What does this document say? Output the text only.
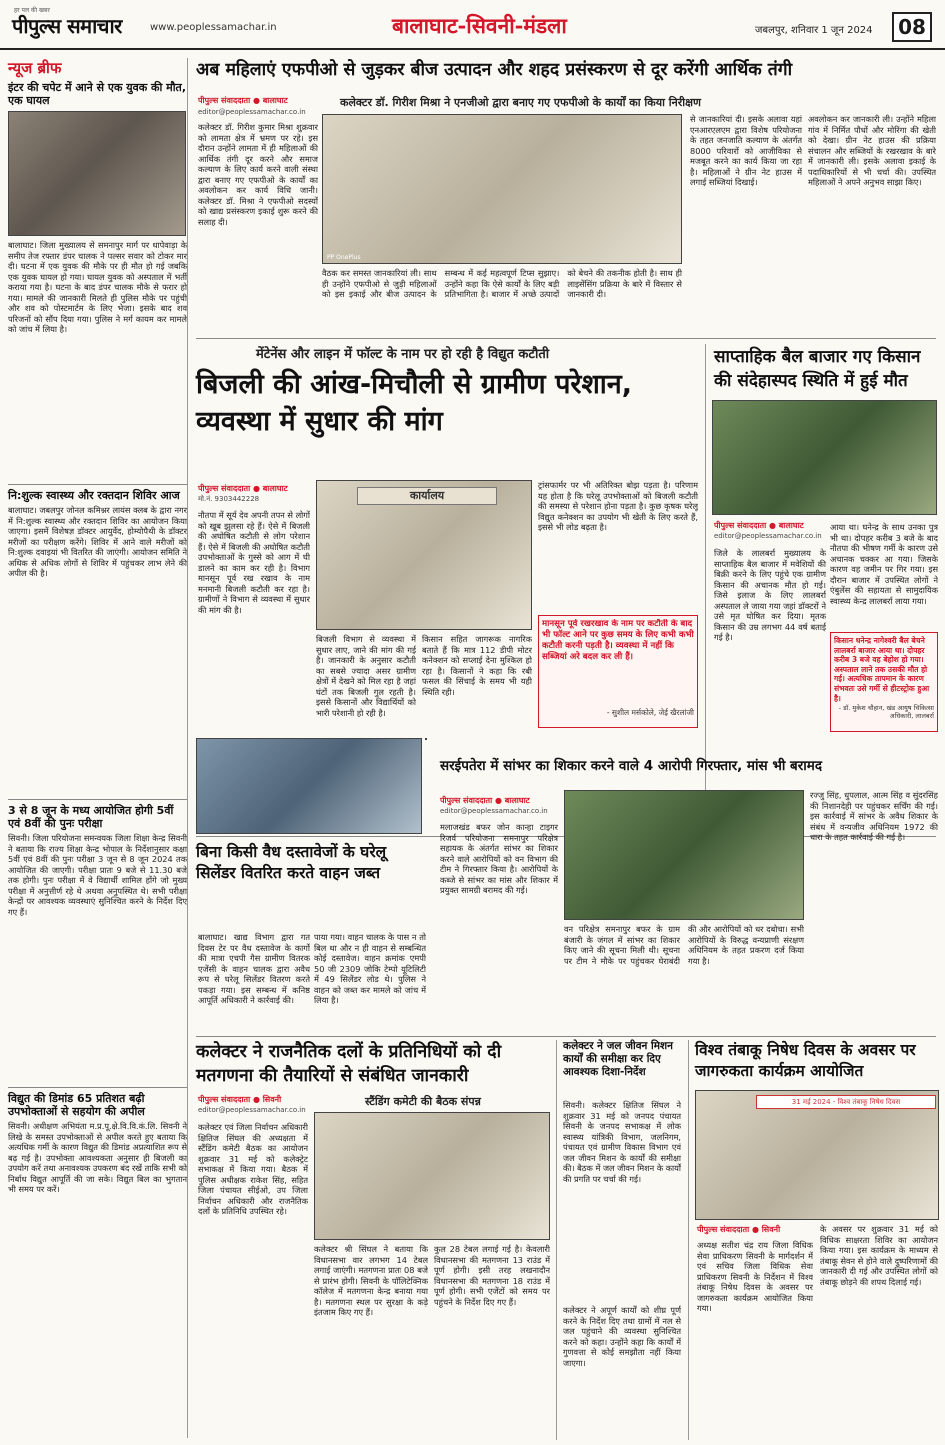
हर पल की खबर
पीपुल्स समाचार	www.peoplessamachar.in	बालाघाट-सिवनी-मंडला	जबलपुर, शनिवार 1 जून 2024	08
न्यूज ब्रीफ
इंटर की चपेट में आने से एक युवक की मौत, एक घायल
बालाघाट। जिला मुख्यालय से समनापुर मार्ग पर धापेवाड़ा के समीप तेज रफ्तार डंपर चालक ने पल्सर सवार को टोकर मार दी। घटना में एक युवक की मौके पर ही मौत हो गई जबकि एक युवक घायल हो गया। घायल युवक को अस्पताल में भर्ती कराया गया है। घटना के बाद डंपर चालक मौके से फरार हो गया। मामले की जानकारी मिलते ही पुलिस मौके पर पहुंची और शव को पोस्टमार्टम के लिए भेजा। इसके बाद शव परिजनों को सौंप दिया गया। पुलिस ने मर्ग कायम कर मामले को जांच में लिया है।
नि:शुल्क स्वास्थ्य और रक्तदान शिविर आज
बालाघाट। जबलपुर जोनल कमिश्नर लायंस क्लब के द्वारा नगर में नि:शुल्क स्वास्थ्य और रक्तदान शिविर का आयोजन किया जाएगा। इसमें विशेषज्ञ डॉक्टर आयुर्वेद, होम्योपैथी के डॉक्टर मरीजों का परीक्षण करेंगे। शिविर में आने वाले मरीजों को नि:शुल्क दवाइयां भी वितरित की जाएंगी। आयोजन समिति ने अधिक से अधिक लोगों से शिविर में पहुंचकर लाभ लेने की अपील की है।
3 से 8 जून के मध्य आयोजित होगी 5वीं एवं 8वीं की पुनः परीक्षा
सिवनी। जिला परियोजना समन्वयक जिला शिक्षा केन्द्र सिवनी ने बताया कि राज्य शिक्षा केन्द्र भोपाल के निर्देशानुसार कक्षा 5वीं एवं 8वीं की पुनः परीक्षा 3 जून से 8 जून 2024 तक आयोजित की जाएगी। परीक्षा प्रातः 9 बजे से 11.30 बजे तक होगी। पुनः परीक्षा में वे विद्यार्थी शामिल होंगे जो मुख्य परीक्षा में अनुत्तीर्ण रहे थे अथवा अनुपस्थित थे। सभी परीक्षा केन्द्रों पर आवश्यक व्यवस्थाएं सुनिश्चित करने के निर्देश दिए गए हैं।
विद्युत की डिमांड 65 प्रतिशत बढ़ी उपभोक्ताओं से सहयोग की अपील
सिवनी। अधीक्षण अभियंता म.प्र.पू.क्षे.वि.वि.कं.लि. सिवनी ने लिखे के समस्त उपभोक्ताओं से अपील करते हुए बताया कि अत्यधिक गर्मी के कारण विद्युत की डिमांड अप्रत्याशित रूप से बढ़ गई है। उपभोक्ता आवश्यकता अनुसार ही बिजली का उपयोग करें तथा अनावश्यक उपकरण बंद रखें ताकि सभी को निर्बाध विद्युत आपूर्ति की जा सके। विद्युत बिल का भुगतान भी समय पर करें।
अब महिलाएं एफपीओ से जुड़कर बीज उत्पादन और शहद प्रसंस्करण से दूर करेंगी आर्थिक तंगी
कलेक्टर डॉ. गिरीश मिश्रा ने एनजीओ द्वारा बनाए गए एफपीओ के कार्यों का किया निरीक्षण
पीपुल्स संवाददाता ● बालाघाट
editor@peoplessamachar.co.in
कलेक्टर डॉ. गिरीश कुमार मिश्रा शुक्रवार को लामता क्षेत्र में भ्रमण पर रहे। इस दौरान उन्होंने लामता में ही महिलाओं की आर्थिक तंगी दूर करने और समाज कल्याण के लिए कार्य करने वाली संस्था द्वारा बनाए गए एफपीओ के कार्यों का अवलोकन कर कार्य विधि जानी। कलेक्टर डॉ. मिश्रा ने एफपीओ सदस्यों को खाद्य प्रसंस्करण इकाई शुरू करने की सलाह दी।
PP OnePlus
वैठक कर समस्त जानकारियां ली। साथ ही उन्होंने एफपीओ से जुड़ी महिलाओं को इस इकाई और बीज उत्पादन के सम्बन्ध में कई महत्वपूर्ण टिप्स सुझाए। उन्होंने कहा कि ऐसे कार्यों के लिए बड़ी प्रतिभागिता है। बाजार में अच्छे उत्पादों को बेचने की तकनीक होती है। साथ ही लाइसेंसिंग प्रक्रिया के बारे में विस्तार से जानकारी दी।
से जानकारियां दी। इसके अलावा यहां एनआरएलएम द्वारा विशेष परियोजना के तहत जनजाति कल्याण के अंतर्गत 8000 परिवारों को आजीविका से मजबूत करने का कार्य किया जा रहा है। महिलाओं ने ग्रीन नेट हाउस में लगाई सब्जियां दिखाई।
अवलोकन कर जानकारी ली। उन्होंने महिला गांव में निर्मित पौधों और मोरिंगा की खेती को देखा। ग्रीन नेट हाउस की प्रक्रिया संचालन और सब्जियों के रखरखाव के बारे में जानकारी ली। इसके अलावा इकाई के पदाधिकारियों से भी चर्चा की। उपस्थित महिलाओं ने अपने अनुभव साझा किए।
मेंटेनेंस और लाइन में फॉल्ट के नाम पर हो रही है विद्युत कटौती
बिजली की आंख-मिचौली से ग्रामीण परेशान, व्यवस्था में सुधार की मांग
पीपुल्स संवाददाता ● बालाघाट
मो.नं. 9303442228
नौतपा में सूर्य देव अपनी तपन से लोगों को खूब झुलसा रहे हैं। ऐसे में बिजली की अघोषित कटौती से लोग परेशान हैं। ऐसे में बिजली की अघोषित कटौती उपभोक्ताओं के गुस्से को आग में घी डालने का काम कर रही है। विभाग मानसून पूर्व रख रखाव के नाम मनमानी बिजली कटौती कर रहा है। ग्रामीणों ने विभाग से व्यवस्था में सुधार की मांग की है।
कार्यालय
बिजली विभाग से व्यवस्था में सुधार लाए, जाने की मांग की गई है। जानकारी के अनुसार कटौती का सबसे ज्यादा असर ग्रामीण क्षेत्रों में देखने को मिल रहा है जहां घंटों तक बिजली गुल रहती है। इससे किसानों और विद्यार्थियों को भारी परेशानी हो रही है।
किसान सहित जागरूक नागरिक बताते हैं कि मात्र 112 डीपी मोटर कनेक्शन को सप्लाई देना मुश्किल हो रहा है। किसानों ने कहा कि रबी फसल की सिंचाई के समय भी यही स्थिति रही।
ट्रांसफार्मर पर भी अतिरिक्त बोझ पड़ता है। परिणाम यह होता है कि घरेलू उपभोक्ताओं को बिजली कटौती की समस्या से परेशान होना पड़ता है। कुछ कृषक घरेलू विद्युत कनेक्शन का उपयोग भी खेती के लिए करते हैं, इससे भी लोड बढ़ता है।
मानसून पूर्व रखरखाव के नाम पर कटौती के बाद भी फॉल्ट आने पर कुछ समय के लिए कभी कभी कटौती करनी पड़ती है। व्यवस्था में नहीं कि सब्जियां अरे बदल कर ली हैं।
- सुशील मर्सकोले, जेई खैरलांजी
साप्ताहिक बैल बाजार गए किसान की संदेहास्पद स्थिति में हुई मौत
पीपुल्स संवाददाता ● बालाघाट
editor@peoplessamachar.co.in
जिले के लालबर्रा मुख्यालय के साप्ताहिक बैल बाजार में मवेशियों की बिक्री करने के लिए पहुंचे एक ग्रामीण किसान की अचानक मौत हो गई। जिसे इलाज के लिए लालबर्रा अस्पताल ले जाया गया जहां डॉक्टरों ने उसे मृत घोषित कर दिया। मृतक किसान की उम्र लगभग 44 वर्ष बताई गई है।
आया था। घनेन्द्र के साथ उनका पुत्र भी था। दोपहर करीब 3 बजे के बाद नौतपा की भीषण गर्मी के कारण उसे अचानक चक्कर आ गया। जिसके कारण वह जमीन पर गिर गया। इस दौरान बाजार में उपस्थित लोगों ने एंबुलेंस की सहायता से सामुदायिक स्वास्थ्य केन्द्र लालबर्रा लाया गया।
किसान धनेन्द्र नागेश्वरी बैल बेचने लालबर्रा बाजार आया था। दोपहर करीब 3 बजे वह बेहोश हो गया। अस्पताल लाने तक उसकी मौत हो गई। अत्यधिक तापमान के कारण संभवतः उसे गर्मी से हीटस्ट्रोक हुआ है।
- डॉ. मुकेश चौहान, खंड आयुष चिकित्सा अधिकारी, लालबर्रा
बिना किसी वैध दस्तावेजों के घरेलू सिलेंडर वितरित करते वाहन जब्त
बालाघाट। खाद्य विभाग द्वारा गत दिवस टेर पर वैध दस्तावेज के कार्गो की मात्रा एचपी गैस ग्रामीण वितरक एजेंसी के वाहन चालक द्वारा अवैध रूप से घरेलू सिलेंडर वितरण करते पकड़ा गया। इस सम्बन्ध में कनिष्ठ आपूर्ति अधिकारी ने कार्रवाई की।
पाया गया। वाहन चालक के पास न तो बिल था और न ही वाहन से सम्बन्धित कोई दस्तावेज। वाहन क्रमांक एमपी 50 जी 2309 जोकि टेम्पो यूटिलिटी में 49 सिलेंडर लोड थे। पुलिस ने वाहन को जब्त कर मामले को जांच में लिया है।
सरईपतेरा में सांभर का शिकार करने वाले 4 आरोपी गिरफ्तार, मांस भी बरामद
पीपुल्स संवाददाता ● बालाघाट
editor@peoplessamachar.co.in
मलाजखंड बफर जोन कान्हा टाइगर रिजर्व परियोजना समनापुर परिक्षेत्र सहायक के अंतर्गत सांभर का शिकार करने वाले आरोपियों को वन विभाग की टीम ने गिरफ्तार किया है। आरोपियों के कब्जे से सांभर का मांस और शिकार में प्रयुक्त सामग्री बरामद की गई।
वन परिक्षेत्र समनापुर बफर के ग्राम बंजारी के जंगल में सांभर का शिकार किए जाने की सूचना मिली थी। सूचना पर टीम ने मौके पर पहुंचकर घेराबंदी की और आरोपियों को धर दबोचा। सभी आरोपियों के विरुद्ध वन्यप्राणी संरक्षण अधिनियम के तहत प्रकरण दर्ज किया गया है।
रज्जु सिंह, धुपलाल, आत्म सिंह व सुंदरसिंह की निशानदेही पर पहुंचकर सर्चिंग की गई। इस कार्रवाई में सांभर के अवैध शिकार के संबंध में वन्यजीव अधिनियम 1972 की धारा के तहत कार्रवाई की गई है।
कलेक्टर ने राजनैतिक दलों के प्रतिनिधियों को दी मतगणना की तैयारियों से संबंधित जानकारी
स्टैंडिंग कमेटी की बैठक संपन्न
पीपुल्स संवाददाता ● सिवनी
editor@peoplessamachar.co.in
कलेक्टर एवं जिला निर्वाचन अधिकारी क्षितिज सिंघल की अध्यक्षता में स्टैंडिंग कमेटी बैठक का आयोजन शुक्रवार 31 मई को कलेक्ट्रेट सभाकक्ष में किया गया। बैठक में पुलिस अधीक्षक राकेश सिंह, सहित जिला पंचायत सीईओ, उप जिला निर्वाचन अधिकारी और राजनैतिक दलों के प्रतिनिधि उपस्थित रहे।
कलेक्टर श्री सिंघल ने बताया कि विधानसभा वार लगभग 14 टेबल लगाई जाएंगी। मतगणना प्रातः 08 बजे से प्रारंभ होगी। सिवनी के पॉलिटेक्निक कॉलेज में मतगणना केन्द्र बनाया गया है। मतगणना स्थल पर सुरक्षा के कड़े इंतजाम किए गए हैं।
कुल 28 टेबल लगाई गई है। केवलारी विधानसभा की मतगणना 13 राउंड में पूर्ण होगी। इसी तरह लखनादौन विधानसभा की मतगणना 18 राउंड में पूर्ण होगी। सभी एजेंटों को समय पर पहुंचने के निर्देश दिए गए हैं।
कलेक्टर ने जल जीवन मिशन कार्यों की समीक्षा कर दिए आवश्यक दिशा-निर्देश
सिवनी। कलेक्टर क्षितिज सिंघल ने शुक्रवार 31 मई को जनपद पंचायत सिवनी के जनपद सभाकक्ष में लोक स्वास्थ्य यांत्रिकी विभाग, जलनिगम, पंचायत एवं ग्रामीण विकास विभाग एवं जल जीवन मिशन के कार्यों की समीक्षा की। बैठक में जल जीवन मिशन के कार्यों की प्रगति पर चर्चा की गई।
कलेक्टर ने अपूर्ण कार्यों को शीघ्र पूर्ण करने के निर्देश दिए तथा ग्रामों में नल से जल पहुंचाने की व्यवस्था सुनिश्चित करने को कहा। उन्होंने कहा कि कार्यों में गुणवत्ता से कोई समझौता नहीं किया जाएगा।
विश्व तंबाकू निषेध दिवस के अवसर पर जागरुकता कार्यक्रम आयोजित
31 मई 2024 - विश्व तंबाकू निषेध दिवस
पीपुल्स संवाददाता ● सिवनी
अध्यक्ष सतीश चंद्र राय जिला विधिक सेवा प्राधिकरण सिवनी के मार्गदर्शन में एवं सचिव जिला विधिक सेवा प्राधिकरण सिवनी के निर्देशन में विश्व तंबाकू निषेध दिवस के अवसर पर जागरुकता कार्यक्रम आयोजित किया गया।
के अवसर पर शुक्रवार 31 मई को विधिक साक्षरता शिविर का आयोजन किया गया। इस कार्यक्रम के माध्यम से तंबाकू सेवन से होने वाले दुष्परिणामों की जानकारी दी गई और उपस्थित लोगों को तंबाकू छोड़ने की शपथ दिलाई गई।
